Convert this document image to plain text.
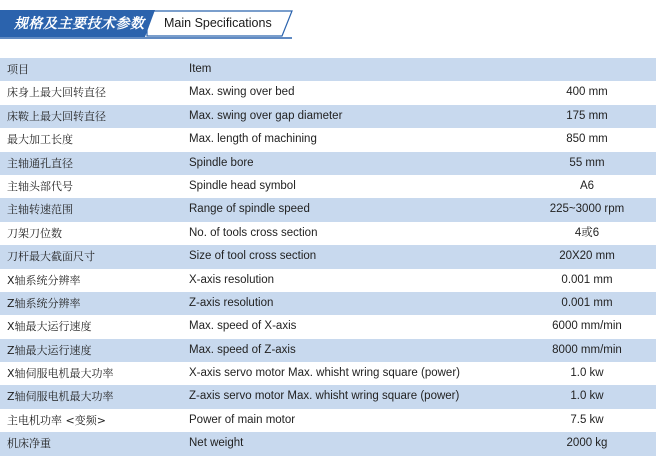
规格及主要技术参数 Main Specifications
项目	Item
床身上最大回转直径	Max. swing over bed	400 mm
床鞍上最大回转直径	Max. swing over gap diameter	175 mm
最大加工长度	Max. length of machining	850 mm
主轴通孔直径	Spindle bore	55 mm
主轴头部代号	Spindle head symbol	A6
主轴转速范围	Range of spindle speed	225~3000 rpm
刀架刀位数	No. of tools cross section	4或6
刀杆最大截面尺寸	Size of tool cross section	20X20 mm
X轴系统分辨率	X-axis resolution	0.001 mm
Z轴系统分辨率	Z-axis resolution	0.001 mm
X轴最大运行速度	Max. speed of X-axis	6000 mm/min
Z轴最大运行速度	Max. speed of Z-axis	8000 mm/min
X轴伺服电机最大功率	X-axis servo motor Max. whisht wring square (power)	1.0 kw
Z轴伺服电机最大功率	Z-axis servo motor Max. whisht wring square (power)	1.0 kw
主电机功率 <变频>	Power of main motor	7.5 kw
机床净重	Net weight	2000 kg
